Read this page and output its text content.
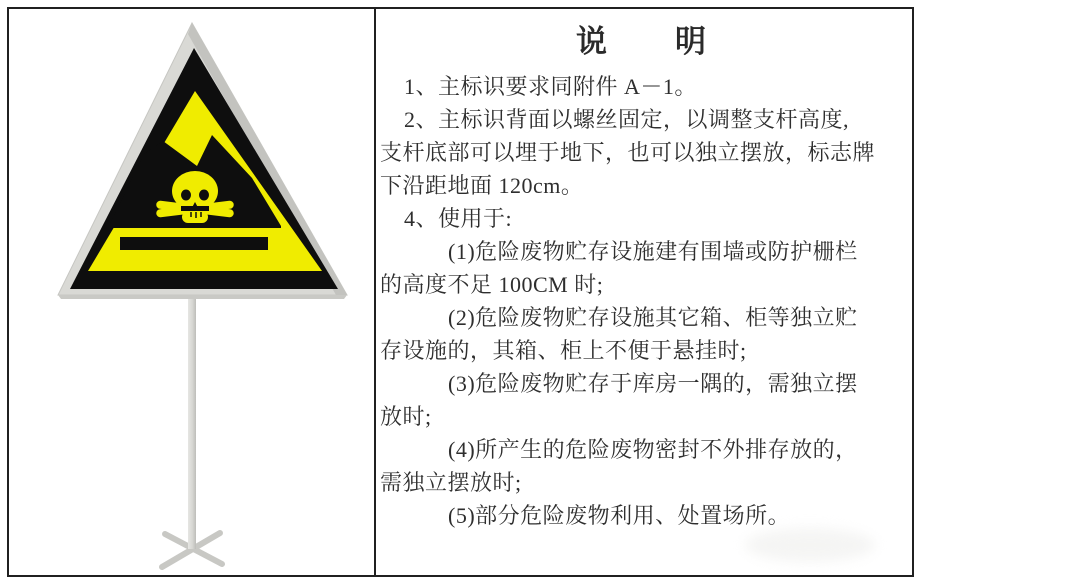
说　　明
1、主标识要求同附件 A－1。
2、主标识背面以螺丝固定，以调整支杆高度,
支杆底部可以埋于地下，也可以独立摆放，标志牌
下沿距地面 120cm。
4、使用于:
(1)危险废物贮存设施建有围墙或防护栅栏
的高度不足 100CM 时;
(2)危险废物贮存设施其它箱、柜等独立贮
存设施的，其箱、柜上不便于悬挂时;
(3)危险废物贮存于库房一隅的，需独立摆
放时;
(4)所产生的危险废物密封不外排存放的，
需独立摆放时;
(5)部分危险废物利用、处置场所。
